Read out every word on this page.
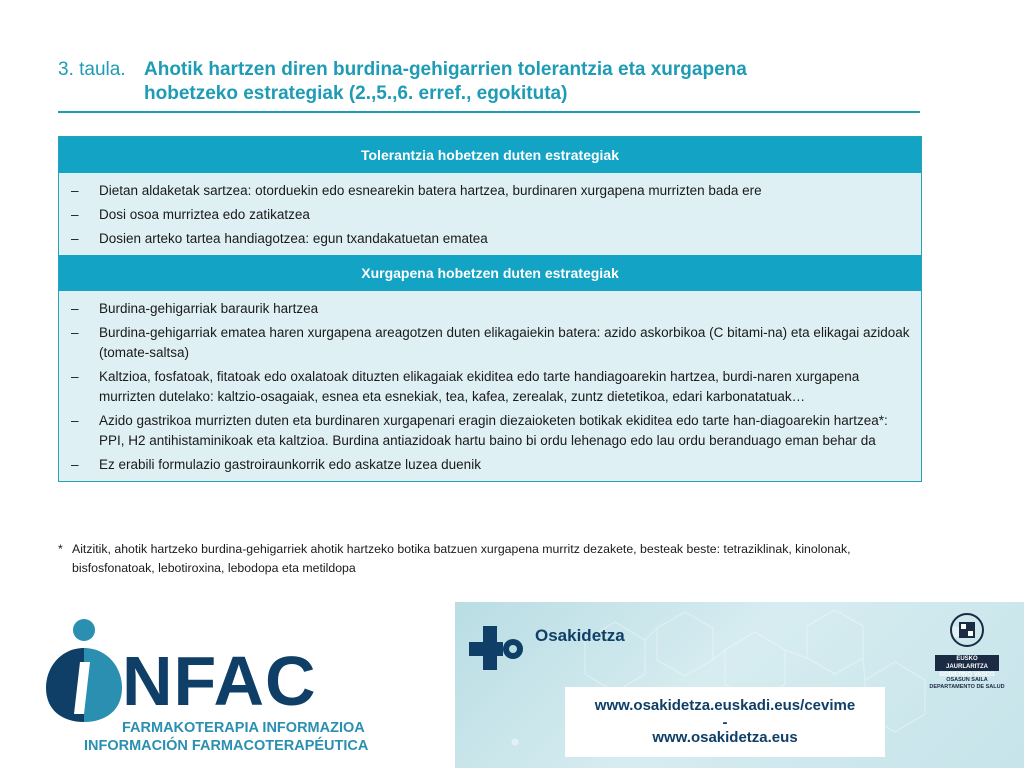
3. taula. Ahotik hartzen diren burdina-gehigarrien tolerantzia eta xurgapena
hobetzeko estrategiak (2.,5.,6. erref., egokituta)
Tolerantzia hobetzen duten estrategiak
–	Dietan aldaketak sartzea: otorduekin edo esnearekin batera hartzea, burdinaren xurgapena murrizten bada ere
–	Dosi osoa murriztea edo zatikatzea
–	Dosien arteko tartea handiagotzea: egun txandakatuetan ematea
Xurgapena hobetzen duten estrategiak
–	Burdina-gehigarriak baraurik hartzea
–	Burdina-gehigarriak ematea haren xurgapena areagotzen duten elikagaiekin batera: azido askorbikoa (C bitami-na) eta elikagai azidoak (tomate-saltsa)
–	Kaltzioa, fosfatoak, fitatoak edo oxalatoak dituzten elikagaiak ekiditea edo tarte handiagoarekin hartzea, burdi-naren xurgapena murrizten dutelako: kaltzio-osagaiak, esnea eta esnekiak, tea, kafea, zerealak, zuntz dietetikoa, edari karbonatatuak…
–	Azido gastrikoa murrizten duten eta burdinaren xurgapenari eragin diezaioketen botikak ekiditea edo tarte han-diagoarekin hartzea*: PPI, H2 antihistaminikoak eta kaltzioa. Burdina antiazidoak hartu baino bi ordu lehenago edo lau ordu beranduago eman behar da
–	Ez erabili formulazio gastroiraunkorrik edo askatze luzea duenik
* Aitzitik, ahotik hartzeko burdina-gehigarriek ahotik hartzeko botika batzuen xurgapena murritz dezakete, besteak beste: tetraziklinak, kinolonak, bisfosfonatoak, lebotiroxina, lebodopa eta metildopa
NFAC
FARMAKOTERAPIA INFORMAZIOA
INFORMACIÓN FARMACOTERAPÉUTICA
Osakidetza
www.osakidetza.euskadi.eus/cevime
-
www.osakidetza.eus
EUSKO JAURLARITZA
GOBIERNO VASCO
OSASUN SAILA
DEPARTAMENTO DE SALUD
